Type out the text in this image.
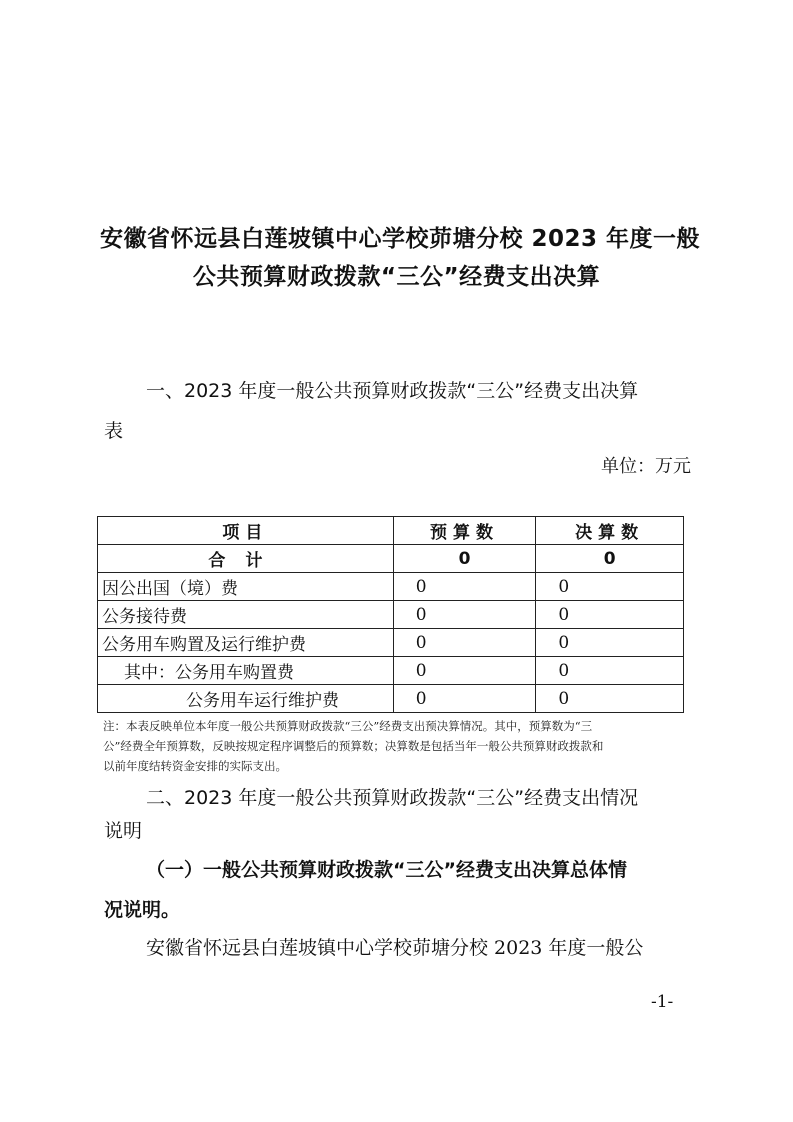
安徽省怀远县白莲坡镇中心学校茆塘分校 2023 年度一般
公共预算财政拨款“三公”经费支出决算
一、2023 年度一般公共预算财政拨款“三公”经费支出决算
表
单位：万元
项目	预算数	决算数
合计	0	0
因公出国（境）费	0	0
公务接待费	0	0
公务用车购置及运行维护费	0	0
其中：公务用车购置费	0	0
公务用车运行维护费	0	0
注：本表反映单位本年度一般公共预算财政拨款“三公”经费支出预决算情况。其中，预算数为“三
公”经费全年预算数，反映按规定程序调整后的预算数；决算数是包括当年一般公共预算财政拨款和
以前年度结转资金安排的实际支出。
二、2023 年度一般公共预算财政拨款“三公”经费支出情况
说明
（一）一般公共预算财政拨款“三公”经费支出决算总体情
况说明。
安徽省怀远县白莲坡镇中心学校茆塘分校 2023 年度一般公
-1-
